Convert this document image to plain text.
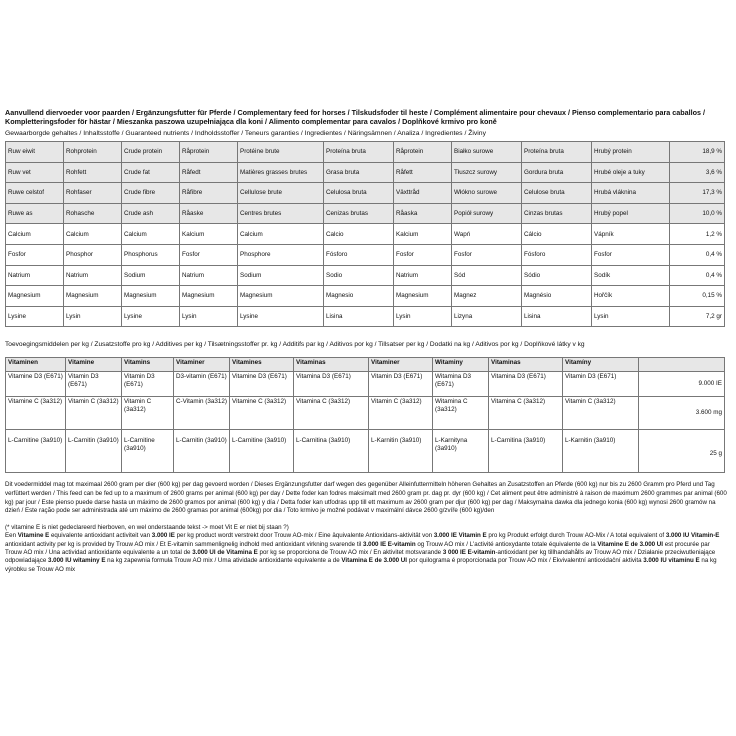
Aanvullend diervoeder voor paarden / Ergänzungsfutter für Pferde / Complementary feed for horses / Tilskudsfoder til heste / Complément alimentaire pour chevaux / Pienso complementario para caballos / Kompletteringsfoder för hästar / Mieszanka paszowa uzupełniająca dla koni / Alimento complementar para cavalos / Doplňkové krmivo pro koně
Gewaarborgde gehaltes / Inhaltsstoffe / Guaranteed nutrients / Indholdsstoffer / Teneurs garanties / Ingredientes / Näringsämnen / Analiza / Ingredientes / Živiny
Ruw eiwit	Rohprotein	Crude protein	Råprotein	Protéine brute	Proteína bruta	Råprotein	Białko surowe	Proteína bruta	Hrubý protein	18,9 %
Ruw vet	Rohfett	Crude fat	Råfedt	Matières grasses brutes	Grasa bruta	Råfett	Tłuszcz surowy	Gordura bruta	Hrubé oleje a tuky	3,6 %
Ruwe celstof	Rohfaser	Crude fibre	Råfibre	Cellulose brute	Celulosa bruta	Växttråd	Włókno surowe	Celulose bruta	Hrubá vláknina	17,3 %
Ruwe as	Rohasche	Crude ash	Råaske	Centres brutes	Cenizas brutas	Råaska	Popiół surowy	Cinzas brutas	Hrubý popel	10,0 %
Calcium	Calcium	Calcium	Kalcium	Calcium	Calcio	Kalcium	Wapń	Cálcio	Vápník	1,2 %
Fosfor	Phosphor	Phosphorus	Fosfor	Phosphore	Fósforo	Fosfor	Fosfor	Fósforo	Fosfor	0,4 %
Natrium	Natrium	Sodium	Natrium	Sodium	Sodio	Natrium	Sód	Sódio	Sodík	0,4 %
Magnesium	Magnesium	Magnesium	Magnesium	Magnesium	Magnesio	Magnesium	Magnez	Magnésio	Hořčík	0,15 %
Lysine	Lysin	Lysine	Lysin	Lysine	Lisina	Lysin	Lizyna	Lisina	Lysin	7,2 gr
Toevoegingsmiddelen per kg / Zusatzstoffe pro kg / Additives per kg / Tilsætningsstoffer pr. kg / Additifs par kg / Aditivos por kg / Tillsatser per kg / Dodatki na kg / Aditivos por kg / Doplňkové látky v kg
Vitaminen	Vitamine	Vitamins	Vitaminer	Vitamines	Vitaminas	Vitaminer	Witaminy	Vitaminas	Vitamíny	
Vitamine D3 (E671)	Vitamin D3 (E671)	Vitamin D3 (E671)	D3-vitamin (E671)	Vitamine D3 (E671)	Vitamina D3 (E671)	Vitamin D3 (E671)	Witamina D3 (E671)	Vitamina D3 (E671)	Vitamin D3 (E671)	9.000 IE
Vitamine C (3a312)	Vitamin C (3a312)	Vitamin C (3a312)	C-Vitamin (3a312)	Vitamine C (3a312)	Vitamina C (3a312)	Vitamin C (3a312)	Witamina C (3a312)	Vitamina C (3a312)	Vitamin C (3a312)	3.600 mg
L-Carnitine (3a910)	L-Carnitin (3a910)	L-Carnitine (3a910)	L-Carnitin (3a910)	L-Carnitine (3a910)	L-Carnitina (3a910)	L-Karnitin (3a910)	L-Karnityna (3a910)	L-Carnitina (3a910)	L-Karnitin (3a910)	25 g
Dit voedermiddel mag tot maximaal 2600 gram per dier (600 kg) per dag gevoerd worden / Dieses Ergänzungsfutter darf wegen des gegenüber Alleinfuttermitteln höheren Gehaltes an Zusatzstoffen an Pferde (600 kg) nur bis zu 2600 Gramm pro Pferd und Tag verfüttert werden / This feed can be fed up to a maximum of 2600 grams per animal (600 kg) per day / Dette foder kan fodres maksimalt med 2600 gram pr. dag pr. dyr (600 kg) / Cet aliment peut être administré à raison de maximum 2600 grammes par animal (600 kg) par jour / Este pienso puede darse hasta un máximo de 2600 gramos por animal (600 kg) y día / Detta foder kan utfodras upp till ett maximum av 2600 gram per djur (600 kg) per dag / Maksymalna dawka dla jednego konia (600 kg) wynosi 2600 gramów na dzień / Este ração pode ser administrada até um máximo de 2600 gramas por animal (600kg) por dia / Toto krmivo je možné podávat v maximální dávce 2600 g/zvíře (600 kg)/den
(* vitamine E is niet gedeclareerd hierboven, en wel onderstaande tekst -> moet Vit E er niet bij staan ?)
Een Vitamine E equivalente antioxidant activiteit van 3.000 IE per kg product wordt verstrekt door Trouw AO-mix / Eine äquivalente Antioxidans-aktivität von 3.000 IE Vitamin E pro kg Produkt erfolgt durch Trouw AO-Mix / A total equivalent of 3.000 IU Vitamin-E antioxidant activity per kg is provided by Trouw AO mix / Et E-vitamin sammenlignelig indhold med antioxidant virkning svarende til 3.000 IE E-vitamin og Trouw AO mix / L'activité antioxydante totale équivalente de la Vitamine E de 3.000 UI est procurée par Trouw AO mix / Una actividad antioxidante equivalente a un total de 3.000 UI de Vitamina E por kg se proporciona de Trouw AO mix / En aktivitet motsvarande 3 000 IE E-vitamin-antioxidant per kg tillhandahålls av Trouw AO mix / Działanie przeciwutleniające odpowiadające 3.000 IU witaminy E na kg zapewnia formuła Trouw AO mix / Uma atividade antioxidante equivalente a de Vitamina E de 3.000 UI por quilograma é proporcionada por Trouw AO mix / Ekvivalentní antioxidační aktivita 3.000 IU vitamínu E na kg výrobku se Trouw AO mix
